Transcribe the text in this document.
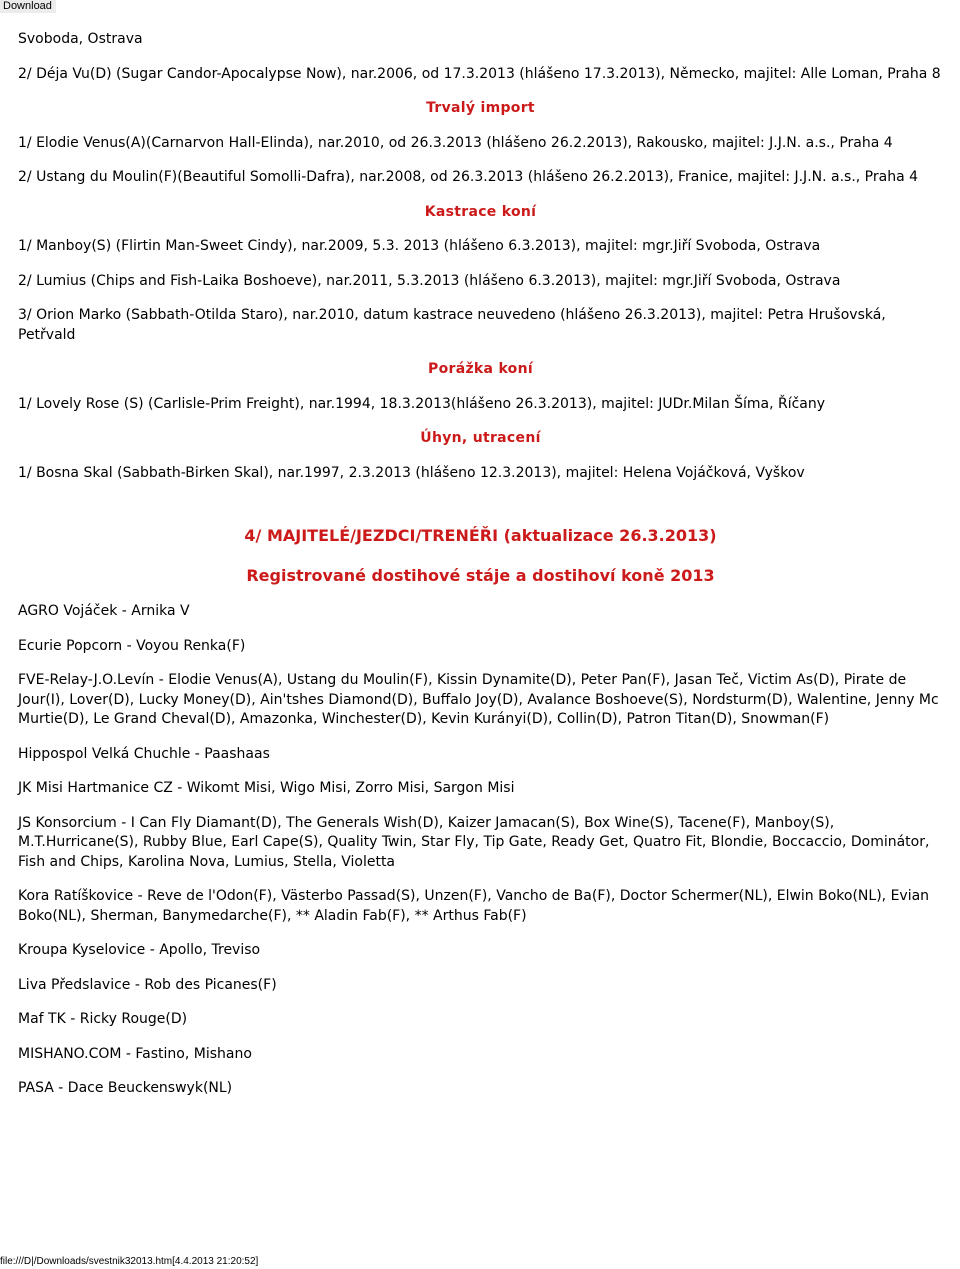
Download

Svoboda, Ostrava

2/ Déja Vu(D) (Sugar Candor-Apocalypse Now), nar.2006, od 17.3.2013 (hlášeno 17.3.2013), Německo, majitel: Alle Loman, Praha 8

Trvalý import

1/ Elodie Venus(A)(Carnarvon Hall-Elinda), nar.2010, od 26.3.2013 (hlášeno 26.2.2013), Rakousko, majitel: J.J.N. a.s., Praha 4

2/ Ustang du Moulin(F)(Beautiful Somolli-Dafra), nar.2008, od 26.3.2013 (hlášeno 26.2.2013), Franice, majitel: J.J.N. a.s., Praha 4

Kastrace koní

1/ Manboy(S) (Flirtin Man-Sweet Cindy), nar.2009, 5.3. 2013 (hlášeno 6.3.2013), majitel: mgr.Jiří Svoboda, Ostrava

2/ Lumius (Chips and Fish-Laika Boshoeve), nar.2011, 5.3.2013 (hlášeno 6.3.2013), majitel: mgr.Jiří Svoboda, Ostrava

3/ Orion Marko (Sabbath-Otilda Staro), nar.2010, datum kastrace neuvedeno (hlášeno 26.3.2013), majitel: Petra Hrušovská, Petřvald

Porážka koní

1/ Lovely Rose (S) (Carlisle-Prim Freight), nar.1994, 18.3.2013(hlášeno 26.3.2013), majitel: JUDr.Milan Šíma, Říčany

Úhyn, utracení

1/ Bosna Skal (Sabbath-Birken Skal), nar.1997, 2.3.2013 (hlášeno 12.3.2013), majitel: Helena Vojáčková, Vyškov

4/ MAJITELÉ/JEZDCI/TRENÉŘI (aktualizace 26.3.2013)

Registrované dostihové stáje a dostihoví koně 2013

AGRO Vojáček - Arnika V

Ecurie Popcorn - Voyou Renka(F)

FVE-Relay-J.O.Levín - Elodie Venus(A), Ustang du Moulin(F), Kissin Dynamite(D), Peter Pan(F), Jasan Teč, Victim As(D), Pirate de Jour(I), Lover(D), Lucky Money(D), Ain'tshes Diamond(D), Buffalo Joy(D), Avalance Boshoeve(S), Nordsturm(D), Walentine, Jenny Mc Murtie(D), Le Grand Cheval(D), Amazonka, Winchester(D), Kevin Kurányi(D), Collin(D), Patron Titan(D), Snowman(F)

Hippospol Velká Chuchle - Paashaas

JK Misi Hartmanice CZ - Wikomt Misi, Wigo Misi, Zorro Misi, Sargon Misi

JS Konsorcium - I Can Fly Diamant(D), The Generals Wish(D), Kaizer Jamacan(S), Box Wine(S), Tacene(F), Manboy(S), M.T.Hurricane(S), Rubby Blue, Earl Cape(S), Quality Twin, Star Fly, Tip Gate, Ready Get, Quatro Fit, Blondie, Boccaccio, Dominátor, Fish and Chips, Karolina Nova, Lumius, Stella, Violetta

Kora Ratíškovice - Reve de l'Odon(F), Västerbo Passad(S), Unzen(F), Vancho de Ba(F), Doctor Schermer(NL), Elwin Boko(NL), Evian Boko(NL), Sherman, Banymedarche(F), ** Aladin Fab(F), ** Arthus Fab(F)

Kroupa Kyselovice - Apollo, Treviso

Liva Předslavice - Rob des Picanes(F)

Maf TK - Ricky Rouge(D)

MISHANO.COM - Fastino, Mishano

PASA - Dace Beuckenswyk(NL)

file:///D|/Downloads/svestnik32013.htm[4.4.2013 21:20:52]
